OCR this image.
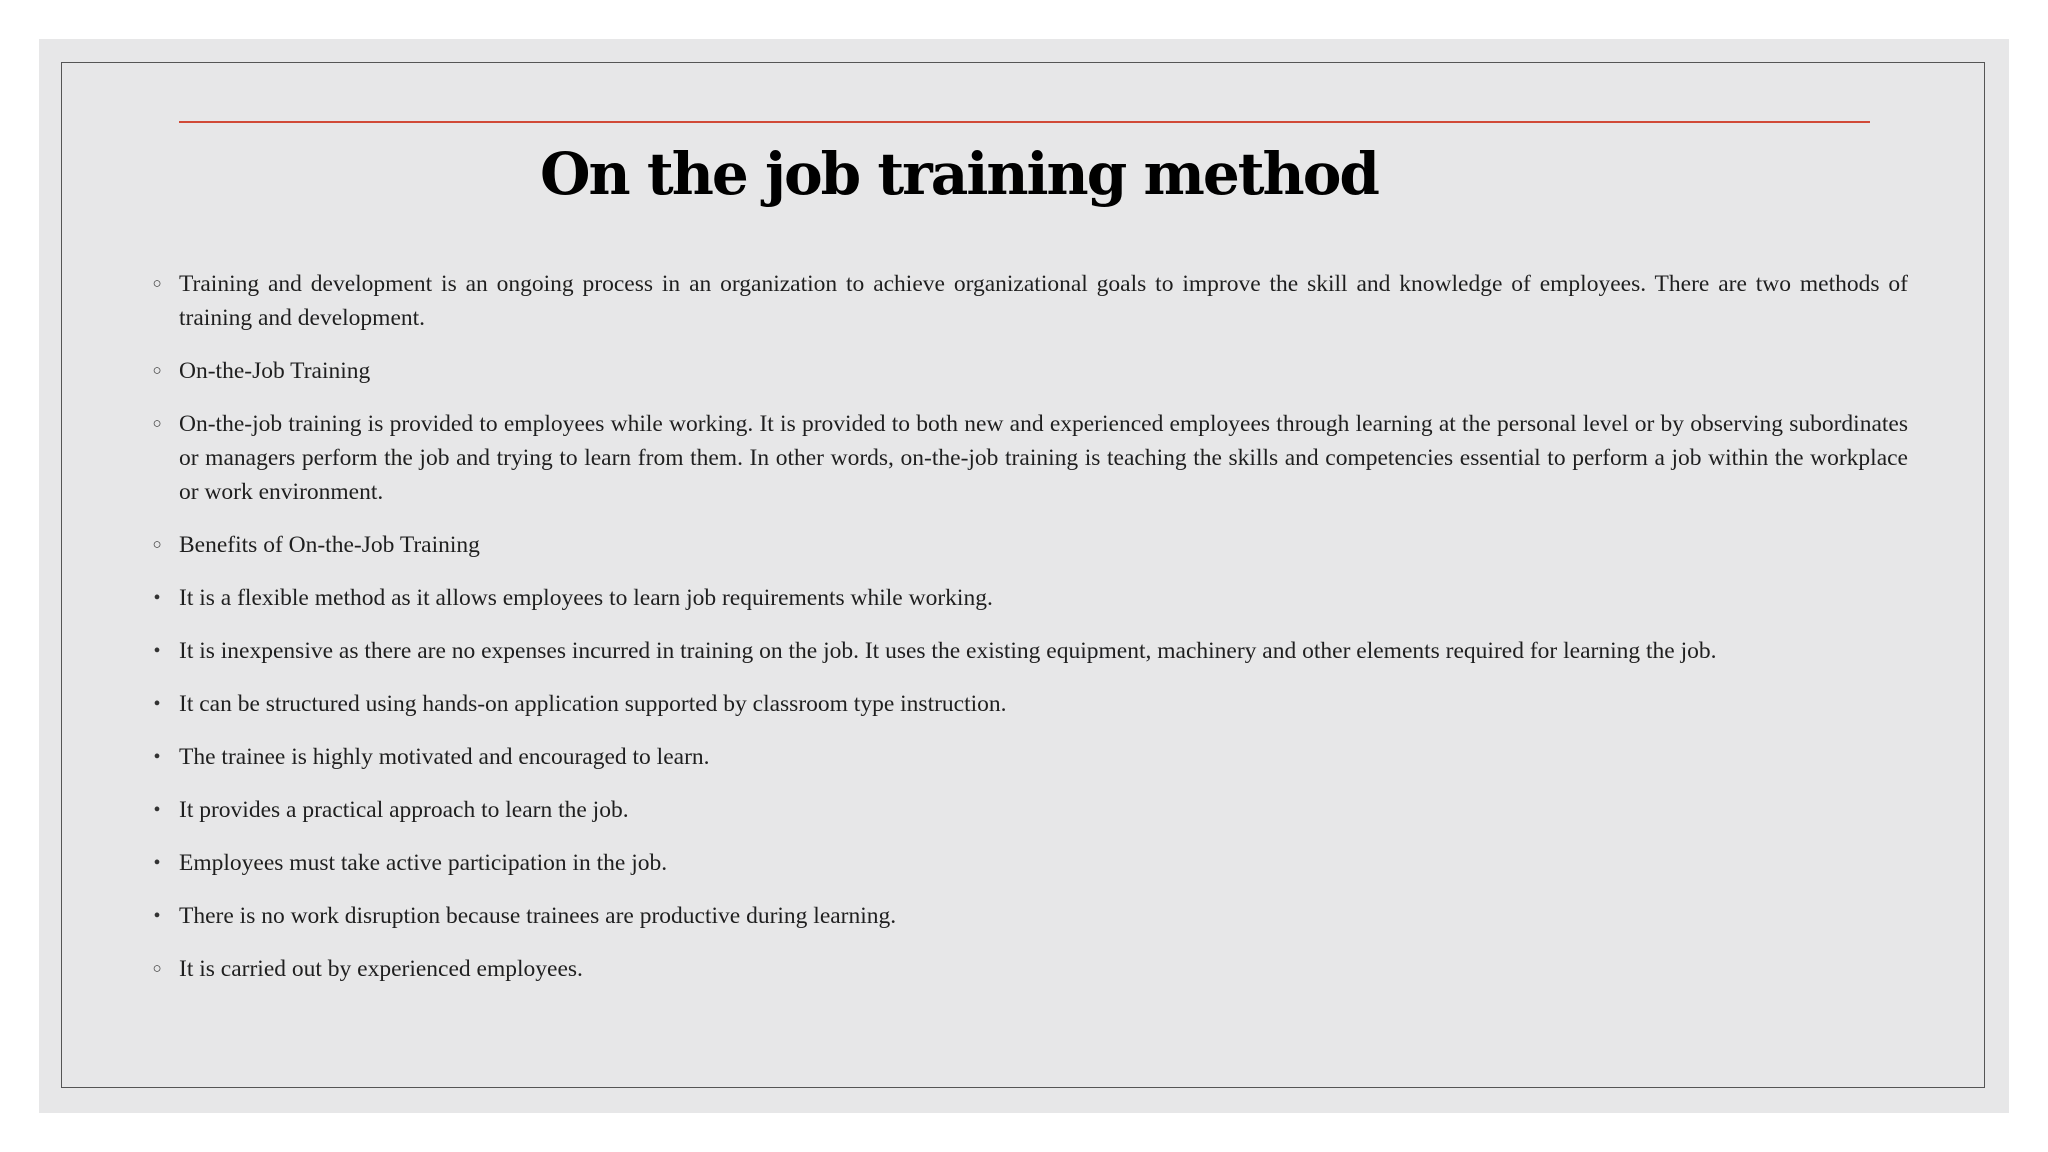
On the job training method
○ Training and development is an ongoing process in an organization to achieve organizational goals to improve the skill and knowledge of employees. There are two methods of training and development.
○ On-the-Job Training
○ On-the-job training is provided to employees while working. It is provided to both new and experienced employees through learning at the personal level or by observing subordinates or managers perform the job and trying to learn from them. In other words, on-the-job training is teaching the skills and competencies essential to perform a job within the workplace or work environment.
○ Benefits of On-the-Job Training
• It is a flexible method as it allows employees to learn job requirements while working.
• It is inexpensive as there are no expenses incurred in training on the job. It uses the existing equipment, machinery and other elements required for learning the job.
• It can be structured using hands-on application supported by classroom type instruction.
• The trainee is highly motivated and encouraged to learn.
• It provides a practical approach to learn the job.
• Employees must take active participation in the job.
• There is no work disruption because trainees are productive during learning.
○ It is carried out by experienced employees.
